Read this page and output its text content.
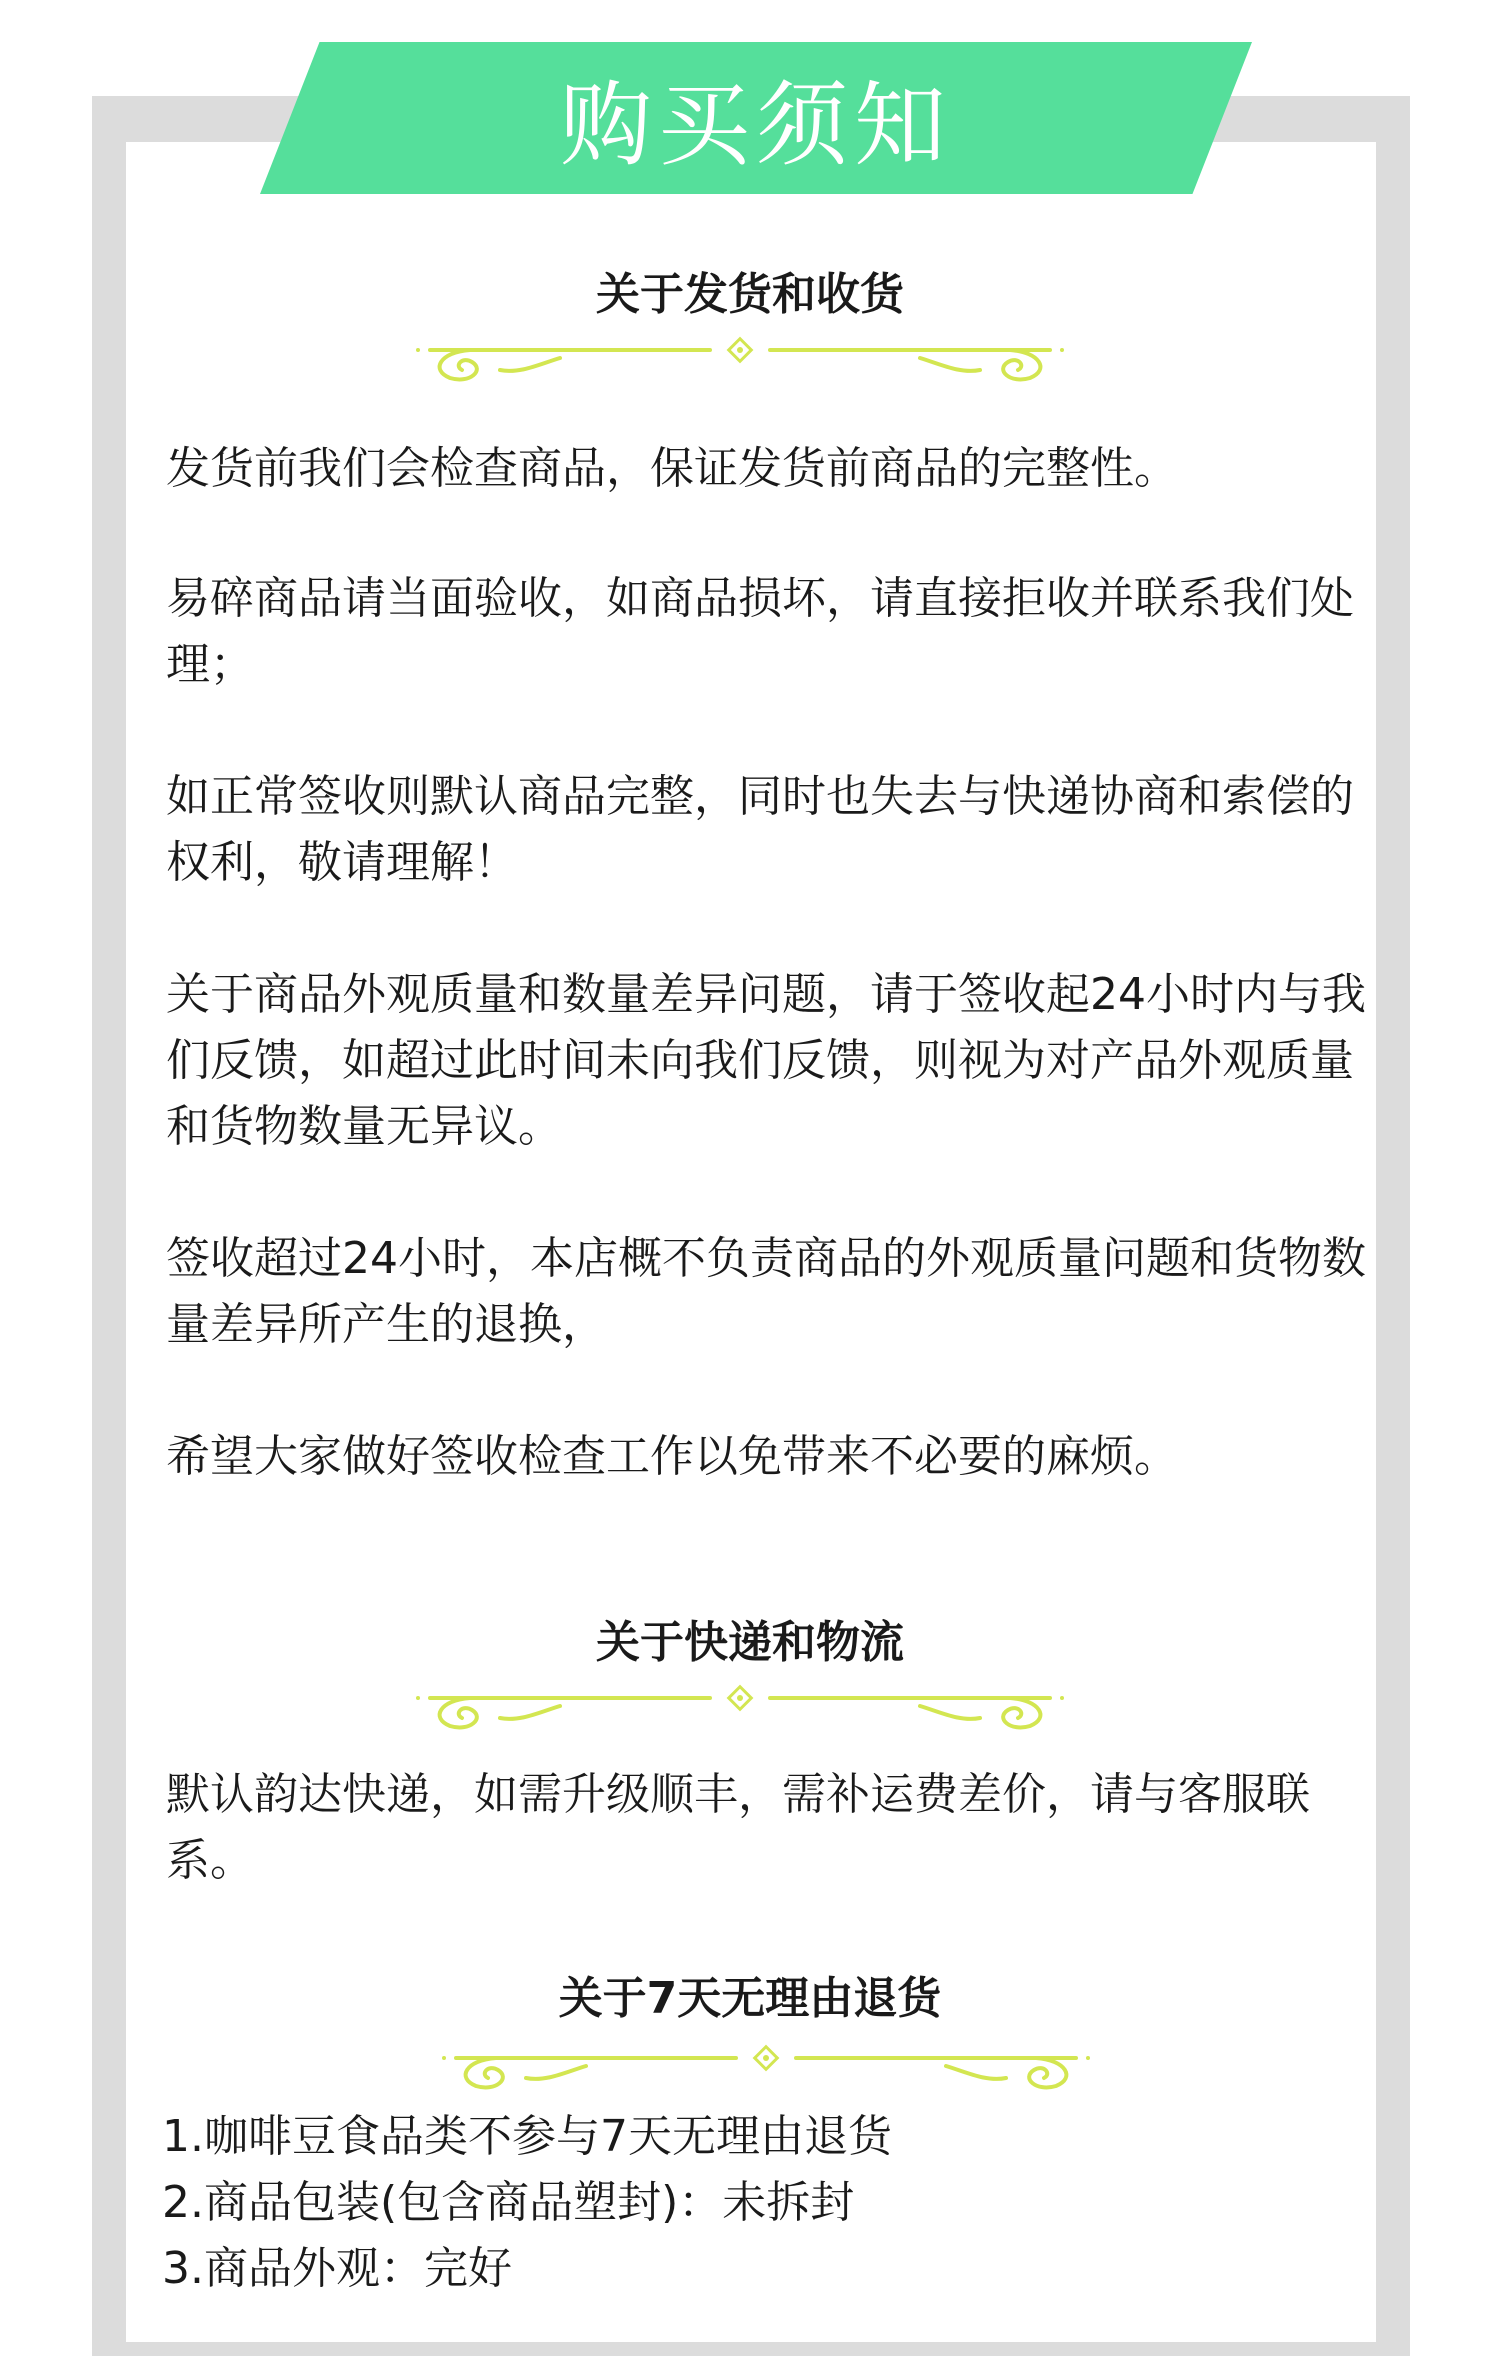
购买须知
关于发货和收货
发货前我们会检查商品，保证发货前商品的完整性。
易碎商品请当面验收，如商品损坏，请直接拒收并联系我们处理；
如正常签收则默认商品完整，同时也失去与快递协商和索偿的权利，敬请理解！
关于商品外观质量和数量差异问题，请于签收起24小时内与我们反馈，如超过此时间未向我们反馈，则视为对产品外观质量和货物数量无异议。
签收超过24小时，本店概不负责商品的外观质量问题和货物数量差异所产生的退换，
希望大家做好签收检查工作以免带来不必要的麻烦。
关于快递和物流
默认韵达快递，如需升级顺丰，需补运费差价，请与客服联系。
关于7天无理由退货
1.咖啡豆食品类不参与7天无理由退货
2.商品包装(包含商品塑封)：未拆封
3.商品外观：完好
